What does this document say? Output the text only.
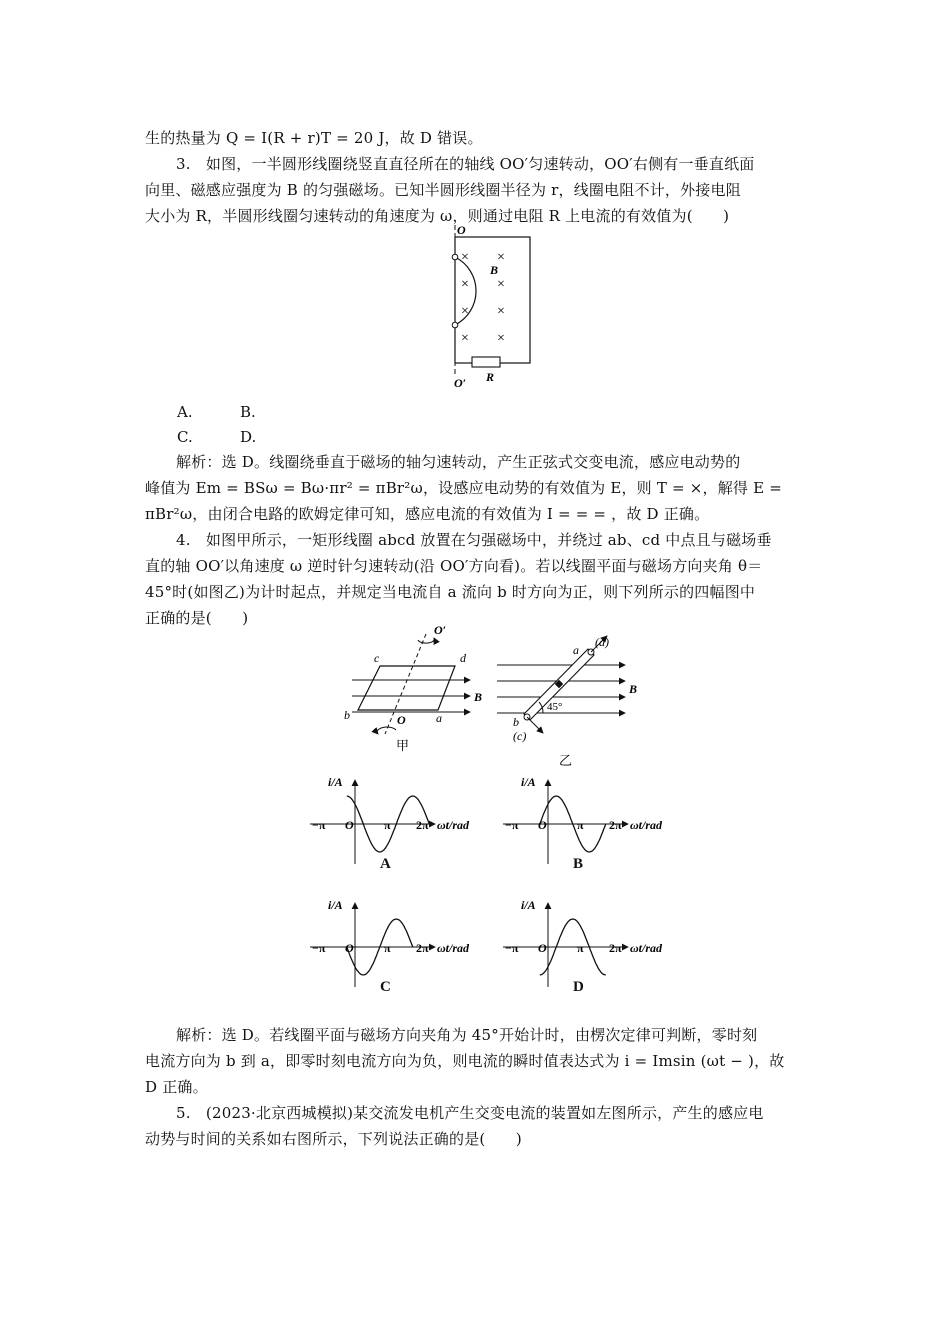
生的热量为 Q = I(R + r)T = 20 J，故 D 错误。
3.　如图，一半圆形线圈绕竖直直径所在的轴线 OO′匀速转动，OO′右侧有一垂直纸面
向里、磁感应强度为 B 的匀强磁场。已知半圆形线圈半径为 r，线圈电阻不计，外接电阻
大小为 R，半圆形线圈匀速转动的角速度为 ω，则通过电阻 R 上电流的有效值为(　　)
O
O′
B
R
× ×
× ×
× ×
× ×
A.	B.
C.	D.
解析：选 D。线圈绕垂直于磁场的轴匀速转动，产生正弦式交变电流，感应电动势的
峰值为 Em = BSω = Bω·πr² = πBr²ω，设感应电动势的有效值为 E，则 T = ×，解得 E =
πBr²ω，由闭合电路的欧姆定律可知，感应电流的有效值为 I = = = ，故 D 正确。
4.　如图甲所示，一矩形线圈 abcd 放置在匀强磁场中，并绕过 ab、cd 中点且与磁场垂
直的轴 OO′以角速度 ω 逆时针匀速转动(沿 OO′方向看)。若以线圈平面与磁场方向夹角 θ＝
45°时(如图乙)为计时起点，并规定当电流自 a 流向 b 时方向为正，则下列所示的四幅图中
正确的是(　　)
c	d
b	a
O
O′
B
甲
(d)
a
b
(c)
45°
B
乙
i/A
−π O	π 2π ωt/rad
A
i/A
−π O	π 2π ωt/rad
B
i/A
−π O	π 2π ωt/rad
C
i/A
−π O	π 2π ωt/rad
D
解析：选 D。若线圈平面与磁场方向夹角为 45°开始计时，由楞次定律可判断，零时刻
电流方向为 b 到 a，即零时刻电流方向为负，则电流的瞬时值表达式为 i = Imsin (ωt − )，故
D 正确。
5.　(2023·北京西城模拟)某交流发电机产生交变电流的装置如左图所示，产生的感应电
动势与时间的关系如右图所示，下列说法正确的是(　　)
